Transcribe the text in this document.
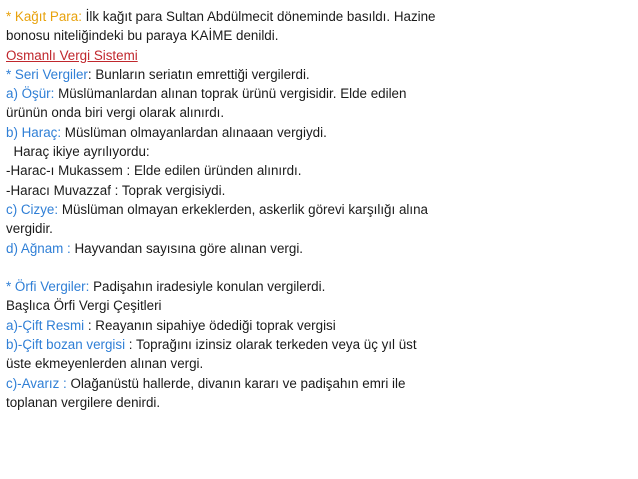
* Kağıt Para: İlk kağıt para Sultan Abdülmecit döneminde basıldı. Hazine
bonosu niteliğindeki bu paraya KAİME denildi.
Osmanlı Vergi Sistemi
* Seri Vergiler: Bunların seriatın emrettiği vergilerdi.
a) Öşür: Müslümanlardan alınan toprak ürünü vergisidir. Elde edilen
ürünün onda biri vergi olarak alınırdı.
b) Haraç: Müslüman olmayanlardan alınaaan vergiydi.
Haraç ikiye ayrılıyordu:
-Harac-ı Mukassem : Elde edilen üründen alınırdı.
-Haracı Muvazzaf : Toprak vergisiydi.
c) Cizye: Müslüman olmayan erkeklerden, askerlik görevi karşılığı alına
vergidir.
d) Ağnam : Hayvandan sayısına göre alınan vergi.
* Örfi Vergiler: Padişahın iradesiyle konulan vergilerdi.
Başlıca Örfi Vergi Çeşitleri
a)-Çift Resmi : Reayanın sipahiye ödediği toprak vergisi
b)-Çift bozan vergisi : Toprağını izinsiz olarak terkeden veya üç yıl üst
üste ekmeyenlerden alınan vergi.
c)-Avarız : Olağanüstü hallerde, divanın kararı ve padişahın emri ile
toplanan vergilere denirdi.
